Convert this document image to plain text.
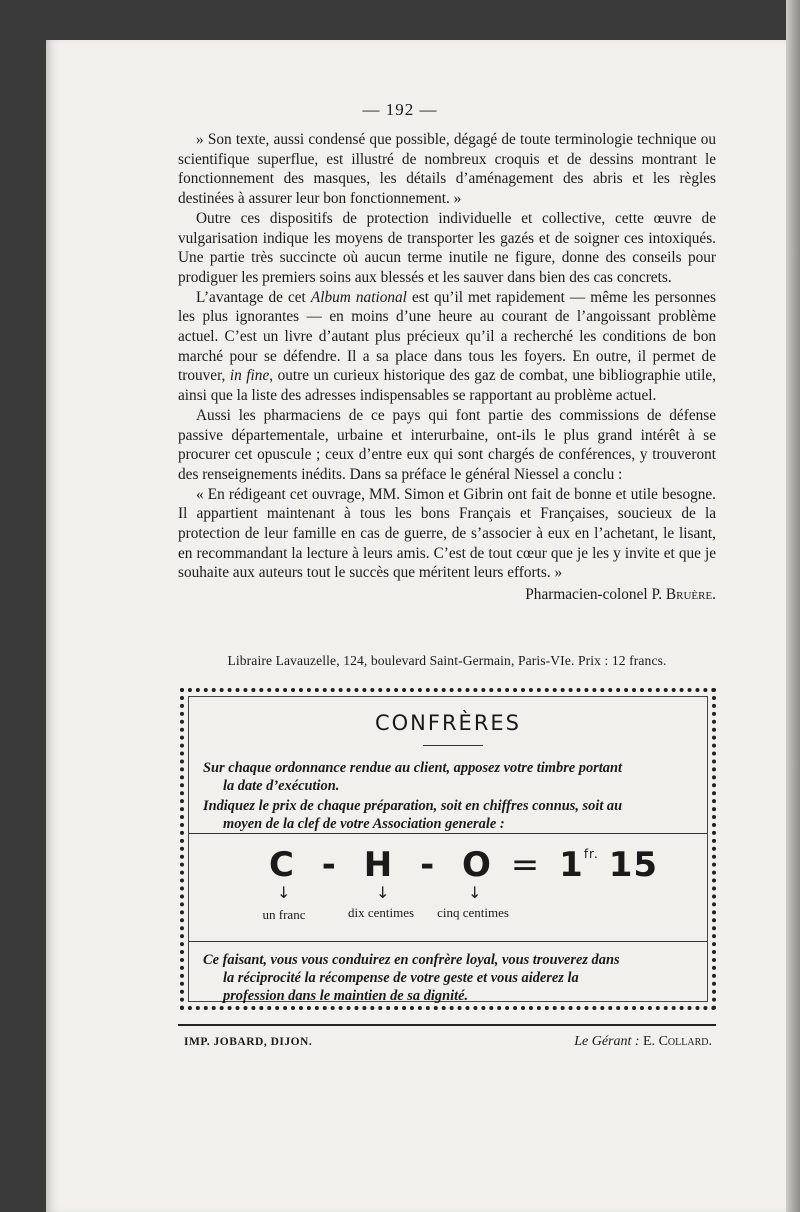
— 192 —

» Son texte, aussi condensé que possible, dégagé de toute terminologie technique ou scientifique superflue, est illustré de nombreux croquis et de dessins montrant le fonctionnement des masques, les détails d’aménagement des abris et les règles destinées à assurer leur bon fonctionnement. »

Outre ces dispositifs de protection individuelle et collective, cette œuvre de vulgarisation indique les moyens de transporter les gazés et de soigner ces intoxiqués. Une partie très succincte où aucun terme inutile ne figure, donne des conseils pour prodiguer les premiers soins aux blessés et les sauver dans bien des cas concrets.

L’avantage de cet Album national est qu’il met rapidement — même les personnes les plus ignorantes — en moins d’une heure au courant de l’angoissant problème actuel. C’est un livre d’autant plus précieux qu’il a recherché les conditions de bon marché pour se défendre. Il a sa place dans tous les foyers. En outre, il permet de trouver, in fine, outre un curieux historique des gaz de combat, une bibliographie utile, ainsi que la liste des adresses indispensables se rapportant au problème actuel.

Aussi les pharmaciens de ce pays qui font partie des commissions de défense passive départementale, urbaine et interurbaine, ont-ils le plus grand intérêt à se procurer cet opuscule ; ceux d’entre eux qui sont chargés de conférences, y trouveront des renseignements inédits. Dans sa préface le général Niessel a conclu :

« En rédigeant cet ouvrage, MM. Simon et Gibrin ont fait de bonne et utile besogne. Il appartient maintenant à tous les bons Français et Françaises, soucieux de la protection de leur famille en cas de guerre, de s’associer à eux en l’achetant, le lisant, en recommandant la lecture à leurs amis. C’est de tout cœur que je les y invite et que je souhaite aux auteurs tout le succès que méritent leurs efforts. »

Pharmacien-colonel P. Bruère.

Libraire Lavauzelle, 124, boulevard Saint-Germain, Paris-VIe. Prix : 12 francs.
CONFRÈRES
Sur chaque ordonnance rendue au client, apposez votre timbre portant
la date d’exécution.
Indiquez le prix de chaque préparation, soit en chiffres connus, soit au
moyen de la clef de votre Association generale :
$C - H - O = 1^{fr.}$ 15
↓	↓	↓
un franc	dix centimes	cinq centimes
Ce faisant, vous vous conduirez en confrère loyal, vous trouverez dans
la réciprocité la récompense de votre geste et vous aiderez la
profession dans le maintien de sa dignité.
IMP. JOBARD, DIJON.	Le Gérant : E. Collard.
